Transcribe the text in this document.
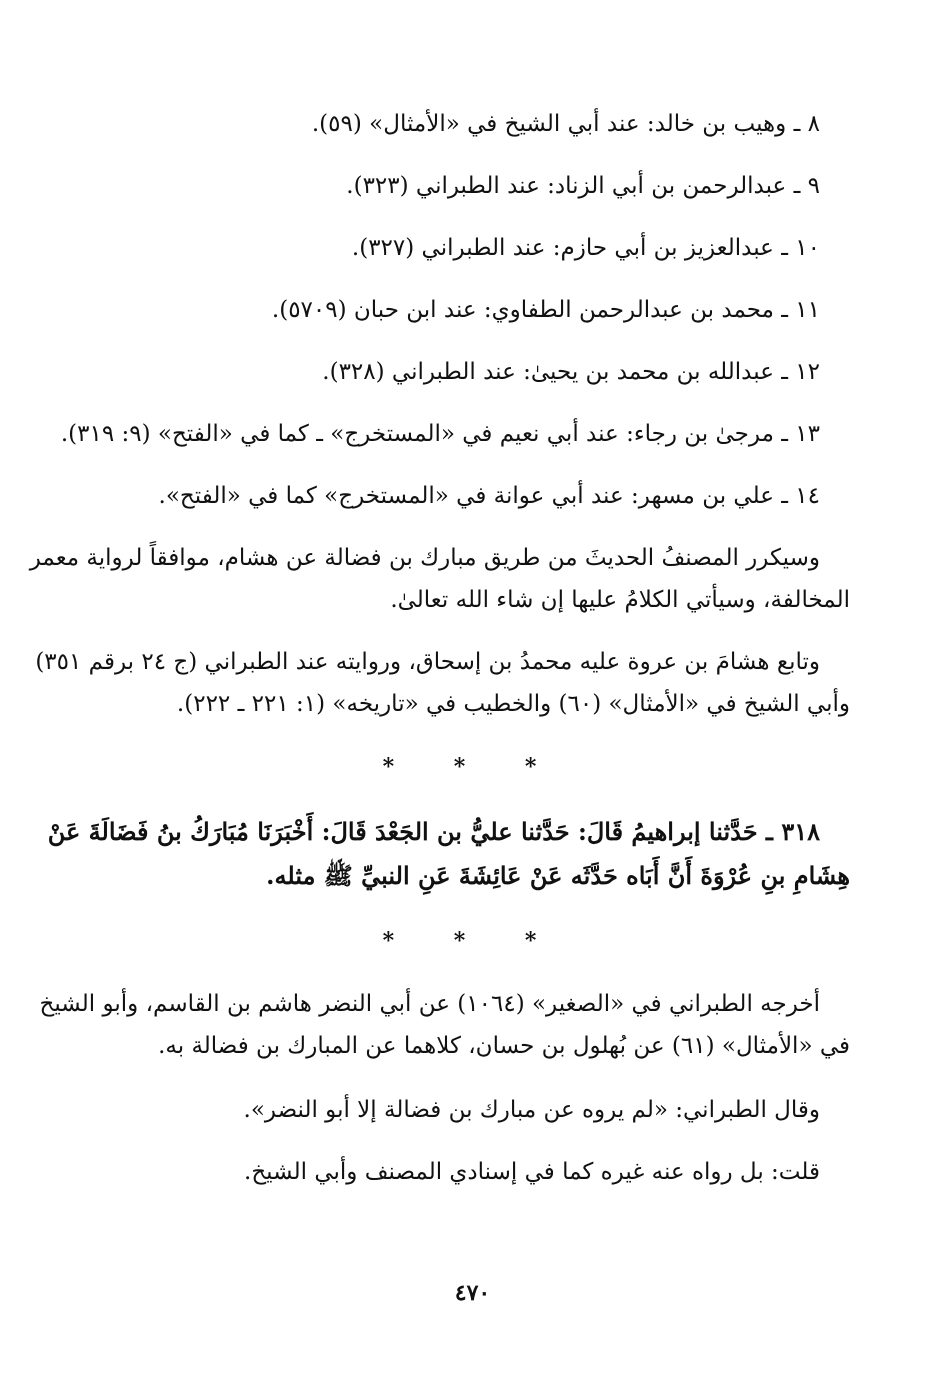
٨ ـ وهيب بن خالد: عند أبي الشيخ في «الأمثال» (٥٩).
٩ ـ عبدالرحمن بن أبي الزناد: عند الطبراني (٣٢٣).
١٠ ـ عبدالعزيز بن أبي حازم: عند الطبراني (٣٢٧).
١١ ـ محمد بن عبدالرحمن الطفاوي: عند ابن حبان (٥٧٠٩).
١٢ ـ عبدالله بن محمد بن يحيىٰ: عند الطبراني (٣٢٨).
١٣ ـ مرجىٰ بن رجاء: عند أبي نعيم في «المستخرج» ـ كما في «الفتح» (٩: ٣١٩).
١٤ ـ علي بن مسهر: عند أبي عوانة في «المستخرج» كما في «الفتح».
وسيكرر المصنفُ الحديثَ من طريق مبارك بن فضالة عن هشام، موافقاً لرواية معمر
المخالفة، وسيأتي الكلامُ عليها إن شاء الله تعالىٰ.
وتابع هشامَ بن عروة عليه محمدُ بن إسحاق، وروايته عند الطبراني (ج ٢٤ برقم ٣٥١)
وأبي الشيخ في «الأمثال» (٦٠) والخطيب في «تاريخه» (١: ٢٢١ ـ ٢٢٢).
* * *
٣١٨ ـ حَدَّثنا إبراهيمُ قَالَ: حَدَّثنا عليُّ بن الجَعْدَ قَالَ: أَخْبَرَنَا مُبَارَكُ بنُ فَضَالَةَ عَنْ
هِشَامِ بنِ عُرْوَةَ أَنَّ أَبَاه حَدَّثَه عَنْ عَائِشَةَ عَنِ النبيِّ ﷺ مثله.
* * *
أخرجه الطبراني في «الصغير» (١٠٦٤) عن أبي النضر هاشم بن القاسم، وأبو الشيخ
في «الأمثال» (٦١) عن بُهلول بن حسان، كلاهما عن المبارك بن فضالة به.
وقال الطبراني: «لم يروه عن مبارك بن فضالة إلا أبو النضر».
قلت: بل رواه عنه غيره كما في إسنادي المصنف وأبي الشيخ.
٤٧٠
